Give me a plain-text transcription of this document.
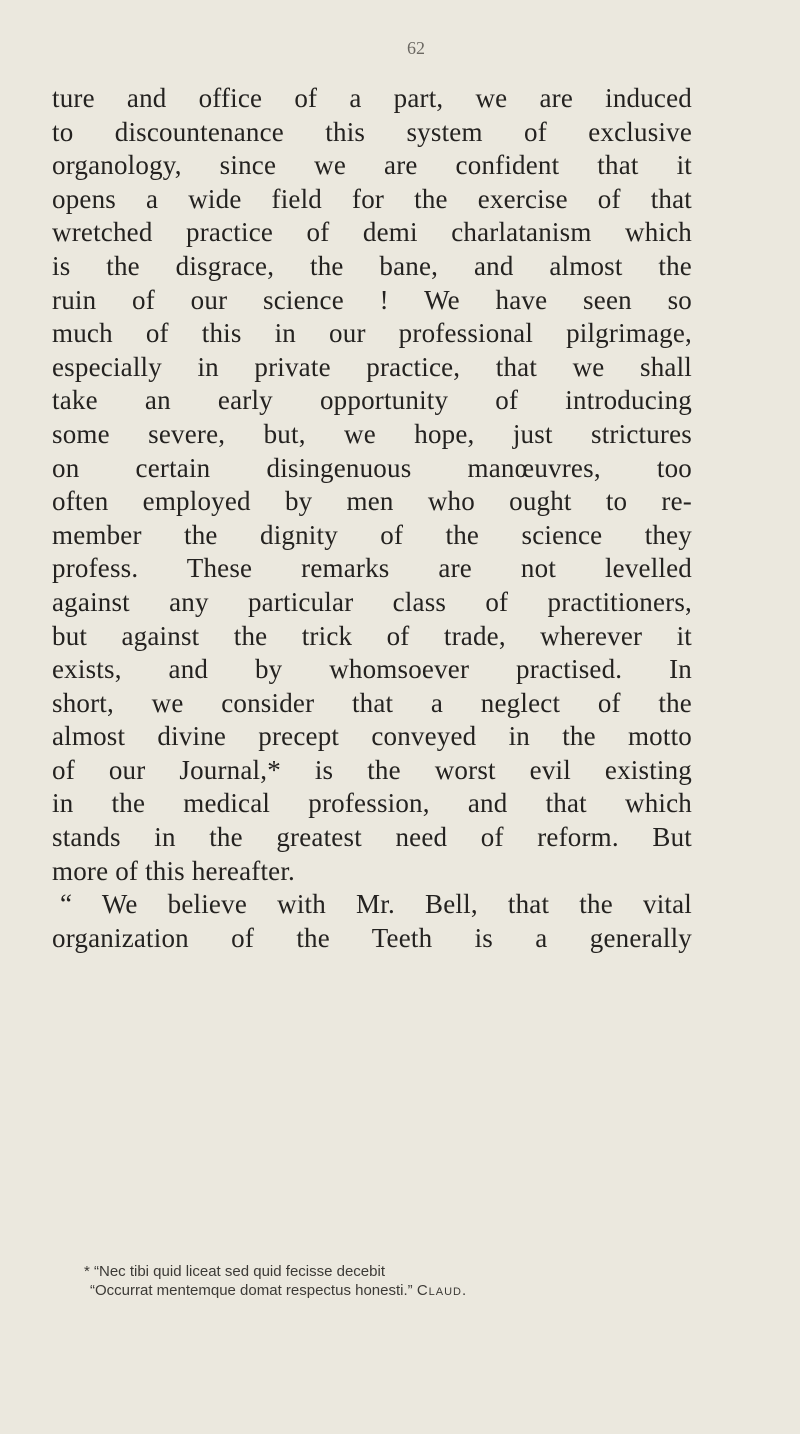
62
ture and office of a part, we are induced
to discountenance this system of exclusive
organology, since we are confident that it
opens a wide field for the exercise of that
wretched practice of demi charlatanism which
is the disgrace, the bane, and almost the
ruin of our science ! We have seen so
much of this in our professional pilgrimage,
especially in private practice, that we shall
take an early opportunity of introducing
some severe, but, we hope, just strictures
on certain disingenuous manœuvres, too
often employed by men who ought to re-
member the dignity of the science they
profess. These remarks are not levelled
against any particular class of practitioners,
but against the trick of trade, wherever it
exists, and by whomsoever practised. In
short, we consider that a neglect of the
almost divine precept conveyed in the motto
of our Journal,* is the worst evil existing
in the medical profession, and that which
stands in the greatest need of reform. But
more of this hereafter.
“ We believe with Mr. Bell, that the vital
organization of the Teeth is a generally
* “Nec tibi quid liceat sed quid fecisse decebit
“Occurrat mentemque domat respectus honesti.” Claud.
